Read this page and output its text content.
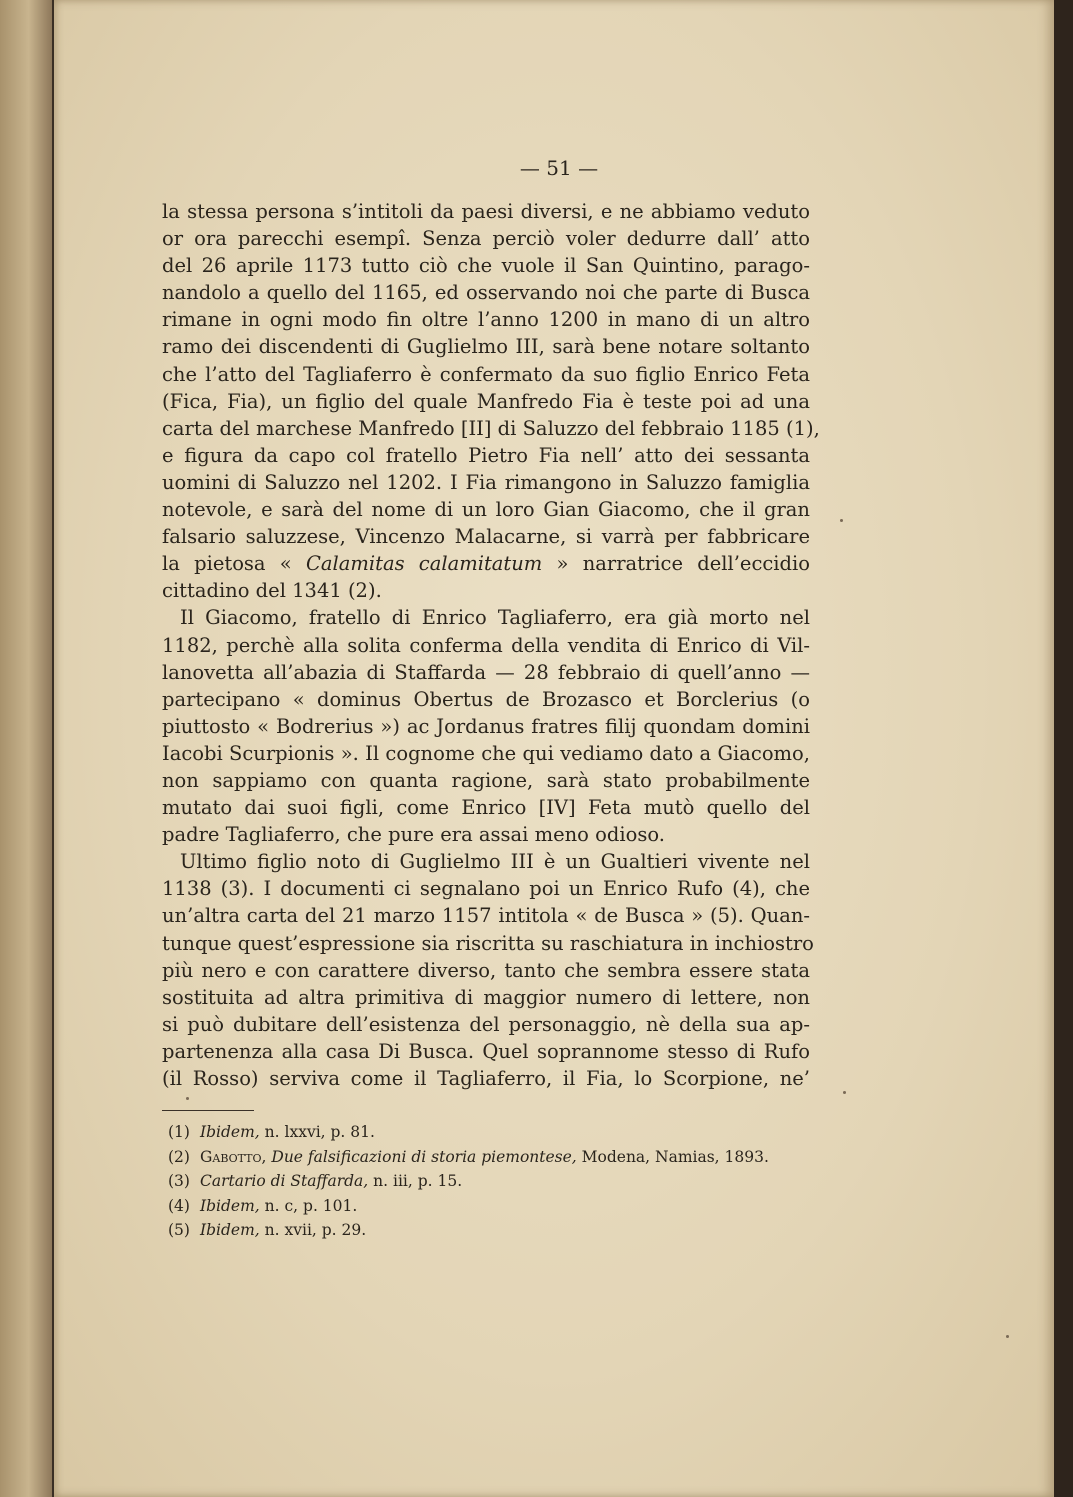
— 51 —
la stessa persona s’intitoli da paesi diversi, e ne abbiamo veduto
or ora parecchi esempî. Senza perciò voler dedurre dall’ atto
del 26 aprile 1173 tutto ciò che vuole il San Quintino, parago-
nandolo a quello del 1165, ed osservando noi che parte di Busca
rimane in ogni modo fin oltre l’anno 1200 in mano di un altro
ramo dei discendenti di Guglielmo III, sarà bene notare soltanto
che l’atto del Tagliaferro è confermato da suo figlio Enrico Feta
(Fica, Fia), un figlio del quale Manfredo Fia è teste poi ad una
carta del marchese Manfredo [II] di Saluzzo del febbraio 1185 (1),
e figura da capo col fratello Pietro Fia nell’ atto dei sessanta
uomini di Saluzzo nel 1202. I Fia rimangono in Saluzzo famiglia
notevole, e sarà del nome di un loro Gian Giacomo, che il gran
falsario saluzzese, Vincenzo Malacarne, si varrà per fabbricare
la pietosa « Calamitas calamitatum » narratrice dell’eccidio
cittadino del 1341 (2).
Il Giacomo, fratello di Enrico Tagliaferro, era già morto nel
1182, perchè alla solita conferma della vendita di Enrico di Vil-
lanovetta all’abazia di Staffarda — 28 febbraio di quell’anno —
partecipano « dominus Obertus de Brozasco et Borclerius (o
piuttosto « Bodrerius ») ac Jordanus fratres filij quondam domini
Iacobi Scurpionis ». Il cognome che qui vediamo dato a Giacomo,
non sappiamo con quanta ragione, sarà stato probabilmente
mutato dai suoi figli, come Enrico [IV] Feta mutò quello del
padre Tagliaferro, che pure era assai meno odioso.
Ultimo figlio noto di Guglielmo III è un Gualtieri vivente nel
1138 (3). I documenti ci segnalano poi un Enrico Rufo (4), che
un’altra carta del 21 marzo 1157 intitola « de Busca » (5). Quan-
tunque quest’espressione sia riscritta su raschiatura in inchiostro
più nero e con carattere diverso, tanto che sembra essere stata
sostituita ad altra primitiva di maggior numero di lettere, non
si può dubitare dell’esistenza del personaggio, nè della sua ap-
partenenza alla casa Di Busca. Quel soprannome stesso di Rufo
(il Rosso) serviva come il Tagliaferro, il Fia, lo Scorpione, ne’
(1) Ibidem, n. lxxvi, p. 81.
(2) Gabotto, Due falsificazioni di storia piemontese, Modena, Namias, 1893.
(3) Cartario di Staffarda, n. iii, p. 15.
(4) Ibidem, n. c, p. 101.
(5) Ibidem, n. xvii, p. 29.
